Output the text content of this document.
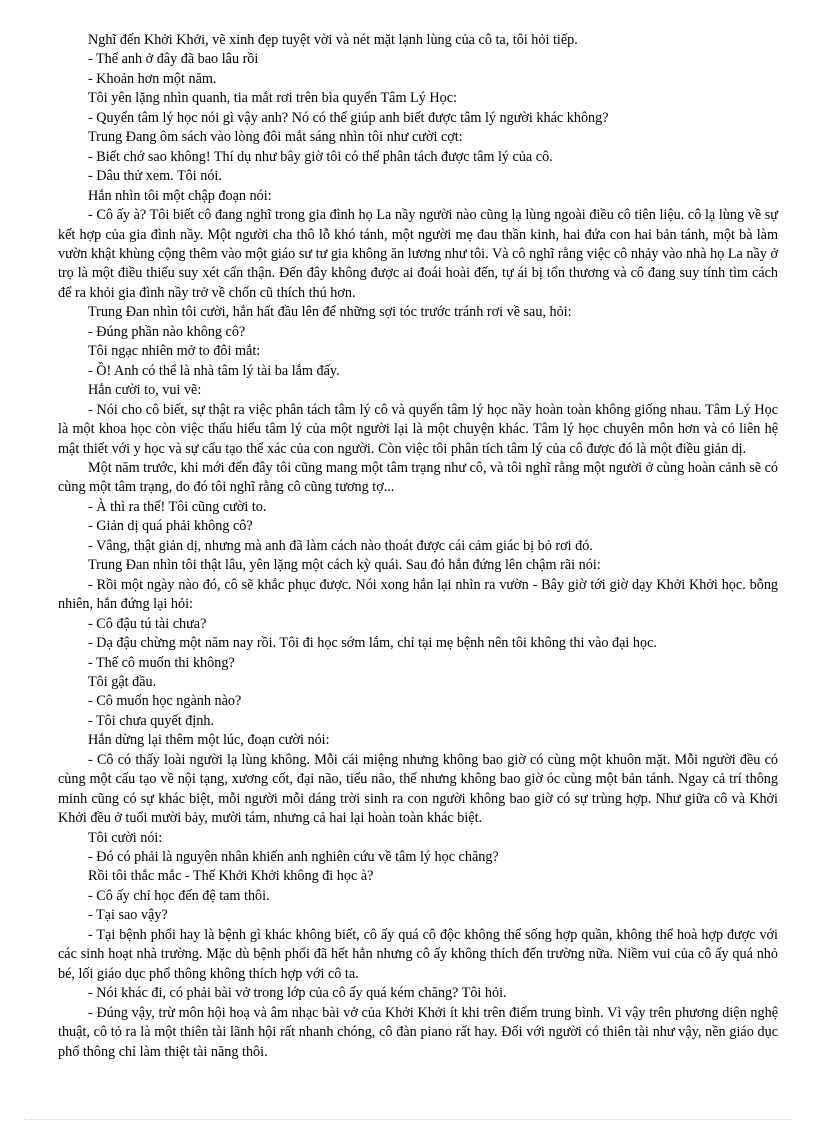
Nghĩ đến Khởi Khởi, vẽ xinh đẹp tuyệt vời và nét mặt lạnh lùng của cô ta, tôi hỏi tiếp.

- Thế anh ở đây đã bao lâu rồi

- Khoản hơn một năm.

Tôi yên lặng nhìn quanh, tia mắt rơi trên bìa quyển Tâm Lý Học:

- Quyển tâm lý học nói gì vậy anh? Nó có thể giúp anh biết được tâm lý người khác không?

Trung Đang ôm sách vào lòng đôi mắt sáng nhìn tôi như cười cợt:

- Biết chớ sao không! Thí dụ như bây giờ tôi có thể phân tách được tâm lý của cô.

- Dâu thử xem. Tôi nói.

Hắn nhìn tôi một chập đoạn nói:

- Cô ấy à? Tôi biết cô đang nghĩ trong gia đình họ La nầy người nào cũng lạ lùng ngoài điều cô tiên liệu. cô lạ lùng về sự kết hợp của gia đình nầy. Một người cha thô lỗ khó tánh, một người mẹ đau thần kinh, hai đứa con hai bản tánh, một bà làm vườn khật khùng cộng thêm vào một giáo sư tư gia không ăn lương như tôi. Và cô nghĩ rằng việc cô nhảy vào nhà họ La nầy ở trọ là một điều thiếu suy xét cẩn thận. Đến đây không được ai đoái hoài đến, tự ái bị tổn thương và cô đang suy tính tìm cách để ra khỏi gia đình nầy trở về chốn cũ thích thú hơn.

Trung Đan nhìn tôi cười, hắn hất đầu lên để những sợi tóc trước tránh rơi về sau, hỏi:

- Đúng phần nào không cô?

Tôi ngạc nhiên mở to đôi mắt:

- Ồ! Anh có thể là nhà tâm lý tài ba lắm đấy.

Hắn cười to, vui vẽ:

- Nói cho cô biết, sự thật ra việc phân tách tâm lý cô và quyển tâm lý học nầy hoàn toàn không giống nhau. Tâm Lý Học là một khoa học còn việc thấu hiểu tâm lý của một người lại là một chuyện khác. Tâm lý học chuyên môn hơn và có liên hệ mật thiết với y học và sự cấu tạo thể xác của con người. Còn việc tôi phân tích tâm lý của cô được đó là một điều giản dị.

Một năm trước, khi mới đến đây tôi cũng mang một tâm trạng như cô, và tôi nghĩ rằng một người ở cùng hoàn cảnh sẽ có cùng một tâm trạng, do đó tôi nghĩ rằng cô cũng tương tợ...

- À thì ra thế! Tôi cũng cười to.

- Giản dị quá phải không cô?

- Vâng, thật giản dị, nhưng mà anh đã làm cách nào thoát được cái cảm giác bị bỏ rơi đó.

Trung Đan nhìn tôi thật lâu, yên lặng một cách kỳ quái. Sau đó hắn đứng lên chậm rãi nói:

- Rồi một ngày nào đó, cô sẽ khắc phục được. Nói xong hắn lại nhìn ra vườn - Bây giờ tới giờ dạy Khởi Khởi học. bỗng nhiên, hắn đứng lại hỏi:

- Cô đậu tú tài chưa?

- Dạ đậu chừng một năm nay rồi. Tôi đi học sớm lắm, chỉ tại mẹ bệnh nên tôi không thi vào đại học.

- Thế cô muốn thi không?

Tôi gật đầu.

- Cô muốn học ngành nào?

- Tôi chưa quyết định.

Hắn dừng lại thêm một lúc, đoạn cười nói:

- Cô có thấy loài người lạ lùng không. Mỗi cái miệng nhưng không bao giờ có cùng một khuôn mặt. Mỗi người đều có cùng một cấu tạo về nội tạng, xương cốt, đại não, tiểu não, thế nhưng không bao giờ óc cùng một bản tánh. Ngay cả trí thông minh cũng có sự khác biệt, mỗi người mỗi dáng trời sinh ra con người không bao giờ có sự trùng hợp. Như giữa cô và Khởi Khởi đều ở tuổi mười bảy, mười tám, nhưng cả hai lại hoàn toàn khác biệt.

Tôi cười nói:

- Đó có phải là nguyên nhân khiến anh nghiên cứu về tâm lý học chăng?

Rồi tôi thắc mắc - Thế Khởi Khởi không đi học à?

- Cô ấy chỉ học đến đệ tam thôi.

- Tại sao vậy?

- Tại bệnh phổi hay là bệnh gì khác không biết, cô ấy quá cô độc không thể sống hợp quần, không thể hoà hợp được với các sinh hoạt nhà trường. Mặc dù bệnh phổi đã hết hẳn nhưng cô ấy không thích đến trường nữa. Niềm vui của cô ấy quá nhỏ bé, lối giáo dục phổ thông không thích hợp với cô ta.

- Nói khác đi, có phải bài vở trong lớp của cô ấy quá kém chăng? Tôi hỏi.

- Đúng vậy, trừ môn hội hoạ và âm nhạc bài vở của Khởi Khởi ít khi trên điểm trung bình. Vì vậy trên phương diện nghệ thuật, cô tỏ ra là một thiên tài lãnh hội rất nhanh chóng, cô đàn piano rất hay. Đối với người có thiên tài như vậy, nền giáo dục phổ thông chỉ làm thiệt tài năng thôi.
